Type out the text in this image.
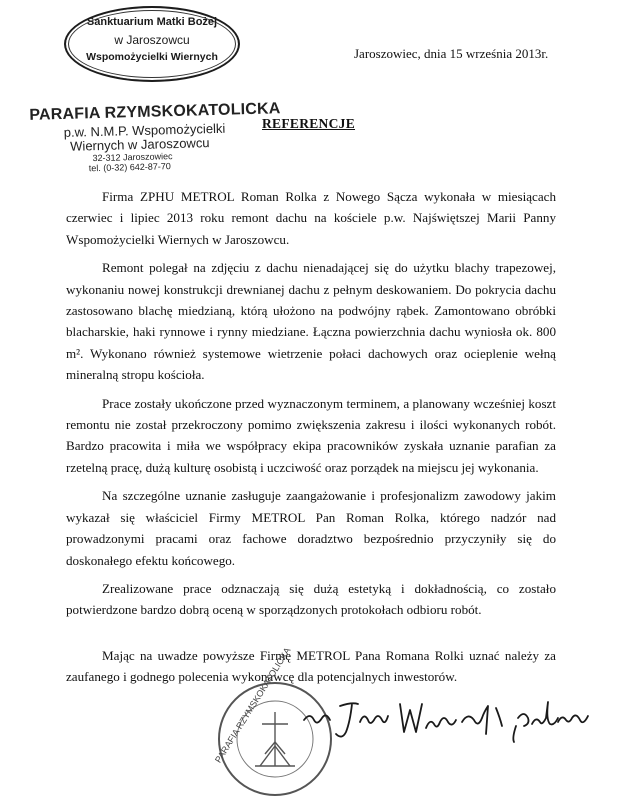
Sanktuarium Matki Bożej
w Jaroszowcu
Wspomożycielki Wiernych	Jaroszowiec, dnia 15 września 2013r.
PARAFIA RZYMSKOKATOLICKA
p.w. N.M.P. Wspomożycielki
Wiernych w Jaroszowcu
32-312 Jaroszowiec
tel. (0-32) 642-87-70
REFERENCJE

Firma ZPHU METROL Roman Rolka z Nowego Sącza wykonała w miesiącach czerwiec i lipiec 2013 roku remont dachu na kościele p.w. Najświętszej Marii Panny Wspomożycielki Wiernych w Jaroszowcu.

Remont polegał na zdjęciu z dachu nienadającej się do użytku blachy trapezowej, wykonaniu nowej konstrukcji drewnianej dachu z pełnym deskowaniem. Do pokrycia dachu zastosowano blachę miedzianą, którą ułożono na podwójny rąbek. Zamontowano obróbki blacharskie, haki rynnowe i rynny miedziane. Łączna powierzchnia dachu wyniosła ok. 800 m². Wykonano również systemowe wietrzenie połaci dachowych oraz ocieplenie wełną mineralną stropu kościoła.

Prace zostały ukończone przed wyznaczonym terminem, a planowany wcześniej koszt remontu nie został przekroczony pomimo zwiększenia zakresu i ilości wykonanych robót. Bardzo pracowita i miła we współpracy ekipa pracowników zyskała uznanie parafian za rzetelną pracę, dużą kulturę osobistą i uczciwość oraz porządek na miejscu jej wykonania.

Na szczególne uznanie zasługuje zaangażowanie i profesjonalizm zawodowy jakim wykazał się właściciel Firmy METROL Pan Roman Rolka, którego nadzór nad prowadzonymi pracami oraz fachowe doradztwo bezpośrednio przyczyniły się do doskonałego efektu końcowego.

Zrealizowane prace odznaczają się dużą estetyką i dokładnością, co zostało potwierdzone bardzo dobrą oceną w sporządzonych protokołach odbioru robót.

Mając na uwadze powyższe Firmę METROL Pana Romana Rolki uznać należy za zaufanego i godnego polecenia wykonawcę dla potencjalnych inwestorów.

PARAFIA RZYMSKOKATOLICKA
